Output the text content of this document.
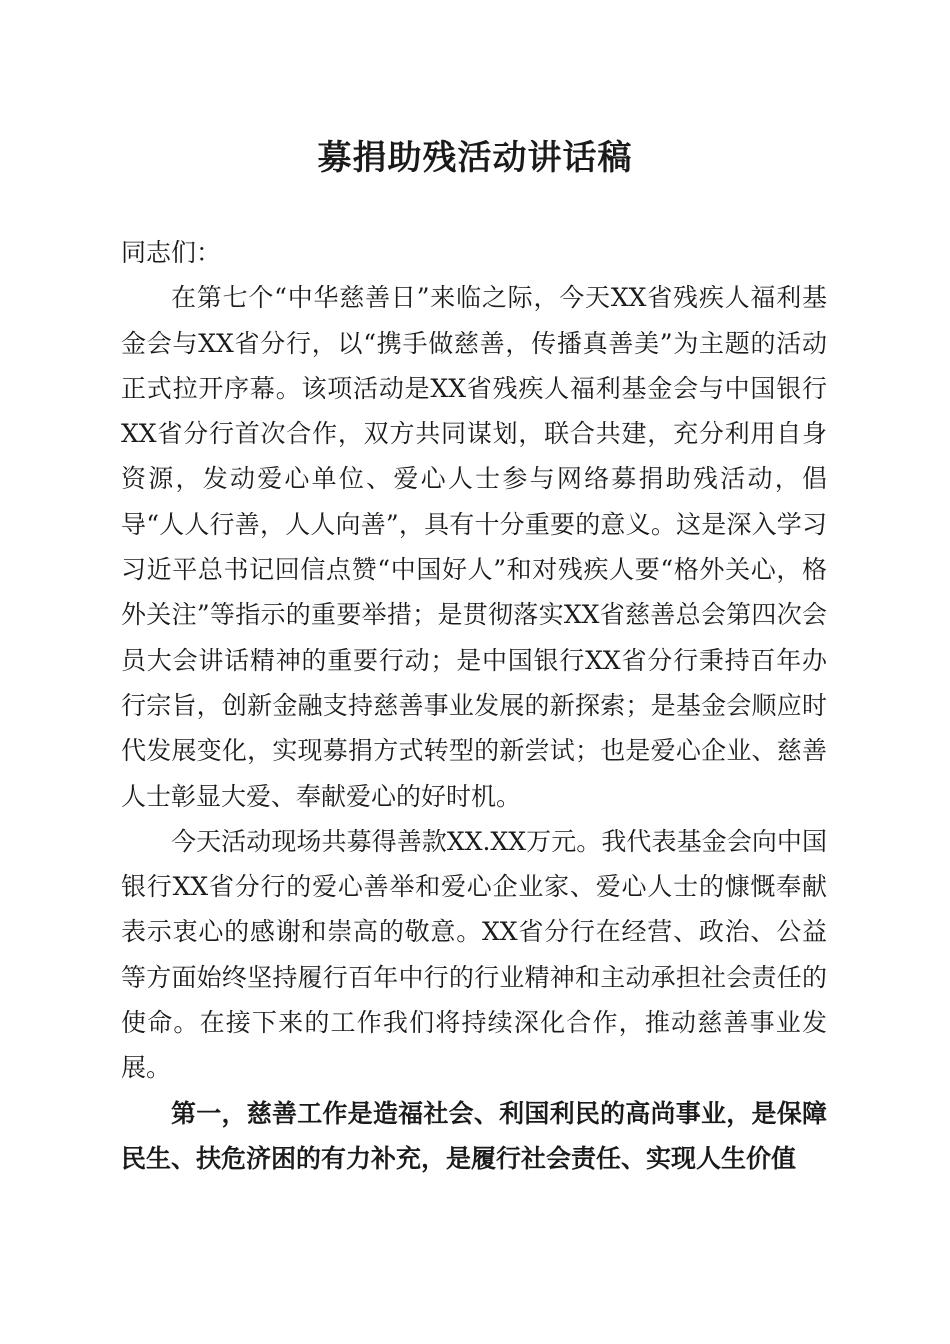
募捐助残活动讲话稿

同志们：

在第七个“中华慈善日”来临之际，今天XX省残疾人福利基金会与XX省分行，以“携手做慈善，传播真善美”为主题的活动正式拉开序幕。该项活动是XX省残疾人福利基金会与中国银行XX省分行首次合作，双方共同谋划，联合共建，充分利用自身资源，发动爱心单位、爱心人士参与网络募捐助残活动，倡导“人人行善，人人向善”，具有十分重要的意义。这是深入学习习近平总书记回信点赞“中国好人”和对残疾人要“格外关心，格外关注”等指示的重要举措；是贯彻落实XX省慈善总会第四次会员大会讲话精神的重要行动；是中国银行XX省分行秉持百年办行宗旨，创新金融支持慈善事业发展的新探索；是基金会顺应时代发展变化，实现募捐方式转型的新尝试；也是爱心企业、慈善人士彰显大爱、奉献爱心的好时机。

今天活动现场共募得善款XX.XX万元。我代表基金会向中国银行XX省分行的爱心善举和爱心企业家、爱心人士的慷慨奉献表示衷心的感谢和崇高的敬意。XX省分行在经营、政治、公益等方面始终坚持履行百年中行的行业精神和主动承担社会责任的使命。在接下来的工作我们将持续深化合作，推动慈善事业发展。

第一，慈善工作是造福社会、利国利民的高尚事业，是保障民生、扶危济困的有力补充，是履行社会责任、实现人生价值
